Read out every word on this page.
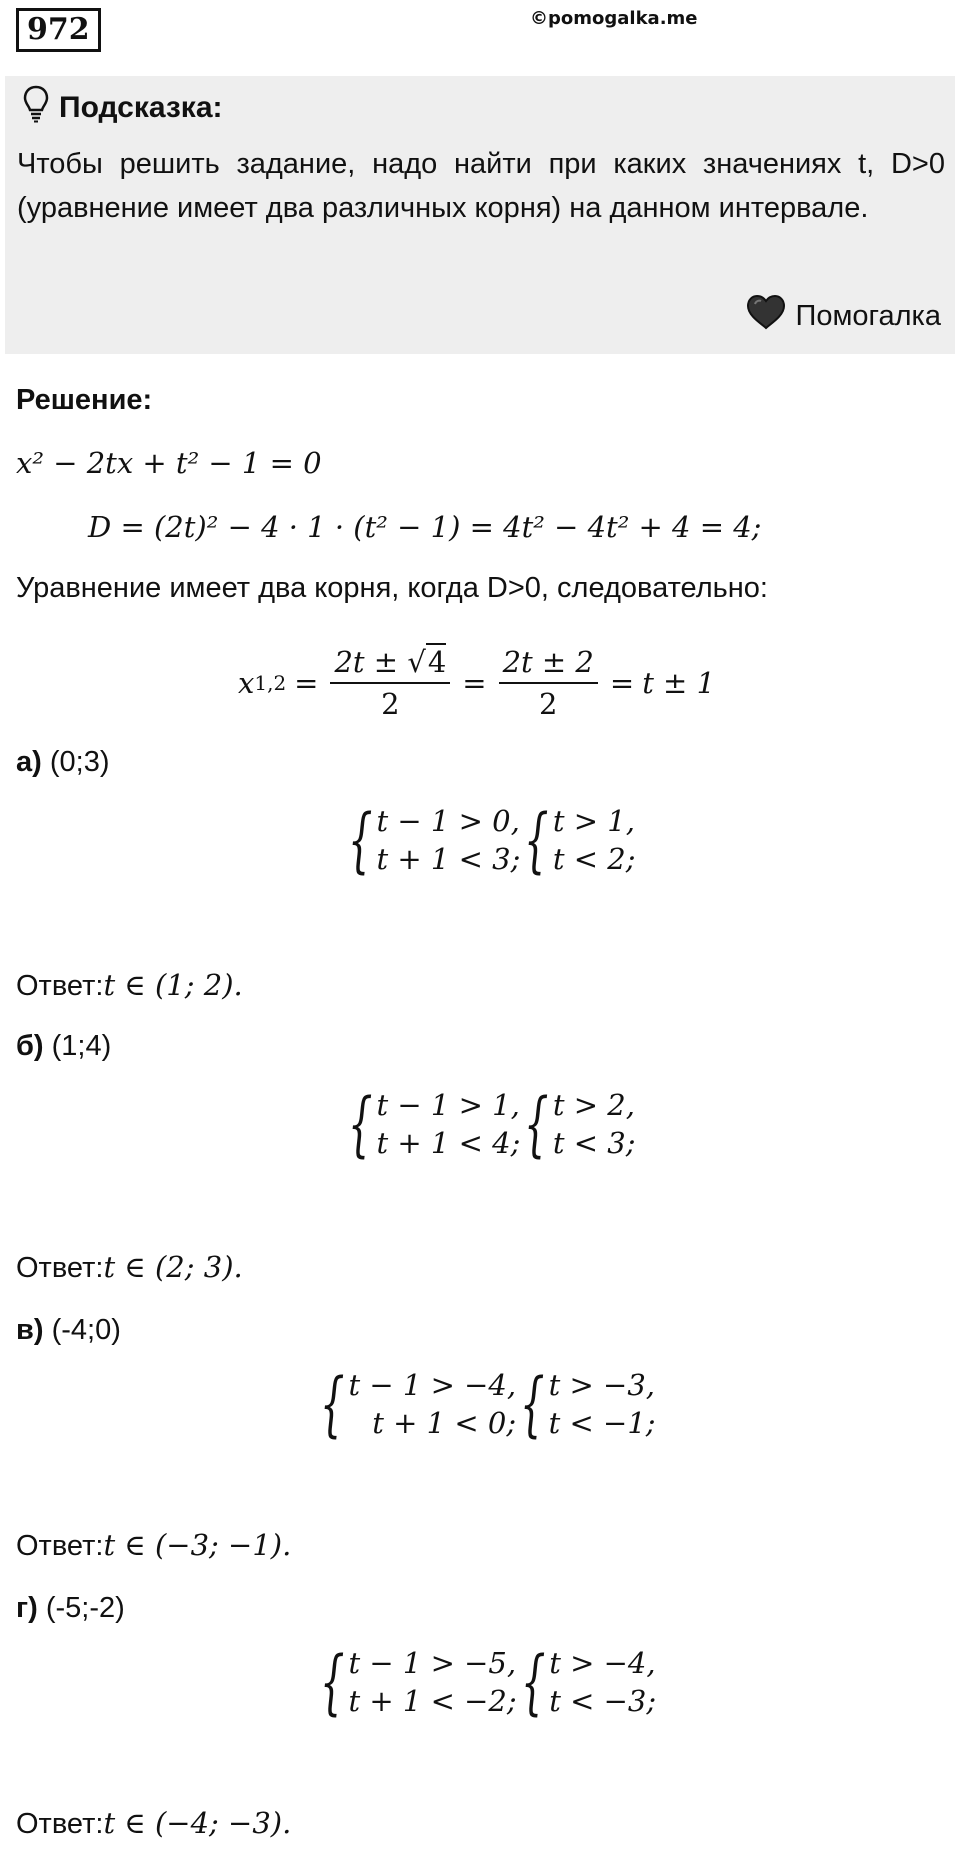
972	©pomogalka.me
Подсказка:
Чтобы решить задание, надо найти при каких значениях t, D>0 (уравнение имеет два различных корня) на данном интервале.
Помогалка
Решение:
x² − 2tx + t² − 1 = 0
D = (2t)² − 4 · 1 · (t² − 1) = 4t² − 4t² + 4 = 4;
Уравнение имеет два корня, когда D>0, следовательно:
x $1,2 = \frac{2t \pm √4}{2} = \frac{2t \pm 2}{2} = t \pm 1$
а) (0;3)
{ t − 1 > 0,
t + 1 < 3; { t > 1,
t < 2;
Ответ:t ∈ (1; 2).
б) (1;4)
{ t − 1 > 1,
t + 1 < 4; { t > 2,
t < 3;
Ответ:t ∈ (2; 3).
в) (-4;0)
{ t − 1 > −4,
t + 1 < 0; { t > −3,
t < −1;
Ответ:t ∈ (−3; −1).
г) (-5;-2)
{ t − 1 > −5,
t + 1 < −2; { t > −4,
t < −3;
Ответ:t ∈ (−4; −3).
